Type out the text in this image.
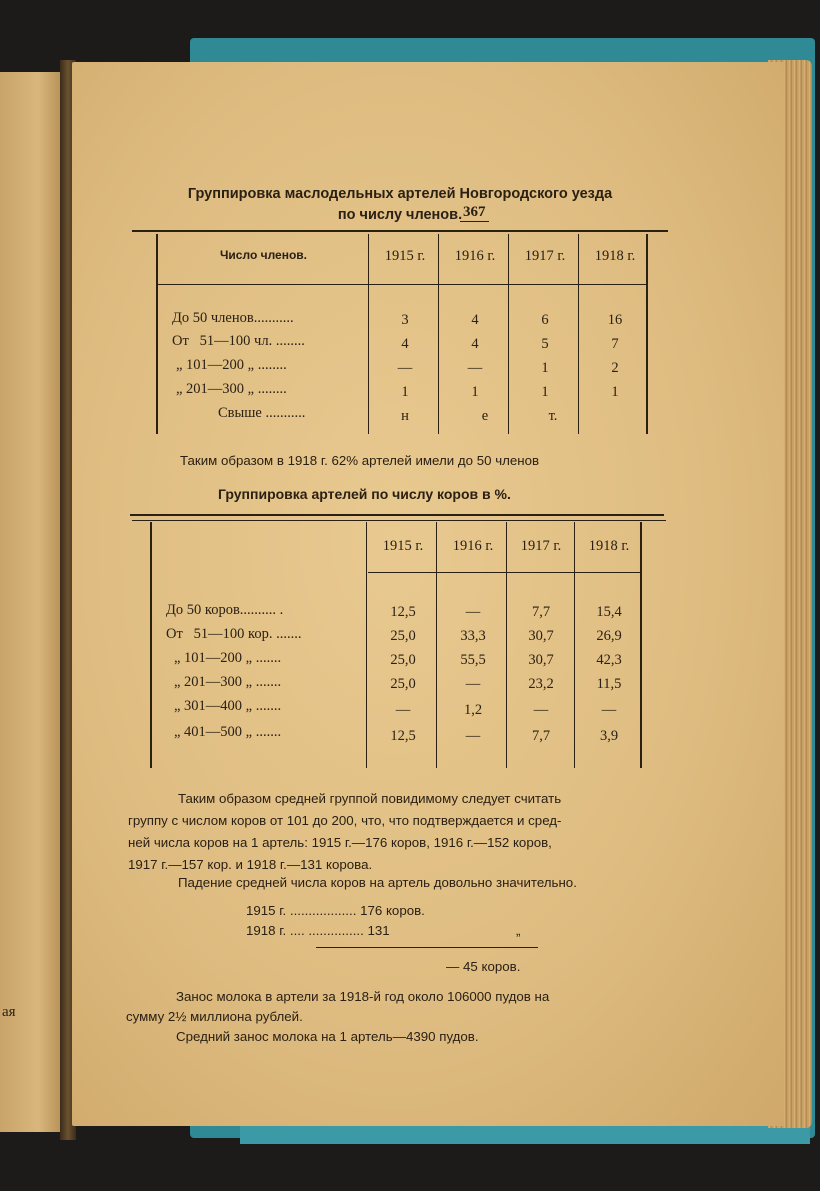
ая
367
Группировка маслодельных артелей Новгородского уезда
по числу членов.
Число членов.	1915 г.	1916 г.	1917 г.	1918 г.
До 50 членов...........	3	4	6	16
От   51—100 чл. ........	4	4	5	7
„ 101—200 „ ........	—	—	1	2
„ 201—300 „ ........	1	1	1	1
Свыше ...........	н	е	т.
Таким образом в 1918 г. 62% артелей имели до 50 членов
Группировка артелей по числу коров в %.
1915 г.	1916 г.	1917 г.	1918 г.
До 50 коров.......... .	12,5	—	7,7	15,4
От   51—100 кор. .......	25,0	33,3	30,7	26,9
„ 101—200 „ .......	25,0	55,5	30,7	42,3
„ 201—300 „ .......	25,0	—	23,2	11,5
„ 301—400 „ .......	—	1,2	—	—
„ 401—500 „ .......	12,5	—	7,7	3,9
Таким образом средней группой повидимому следует считать
группу с числом коров от 101 до 200, что, что подтверждается и сред-
ней числа коров на 1 артель: 1915 г.—176 коров, 1916 г.—152 коров,
1917 г.—157 кор. и 1918 г.—131 корова.
Падение средней числа коров на артель довольно значительно.
1915 г. .................. 176 коров.
1918 г. .... ............... 131	„
— 45 коров.
Занос молока в артели за 1918-й год около 106000 пудов на
сумму 2½ миллиона рублей.
Средний занос молока на 1 артель—4390 пудов.
